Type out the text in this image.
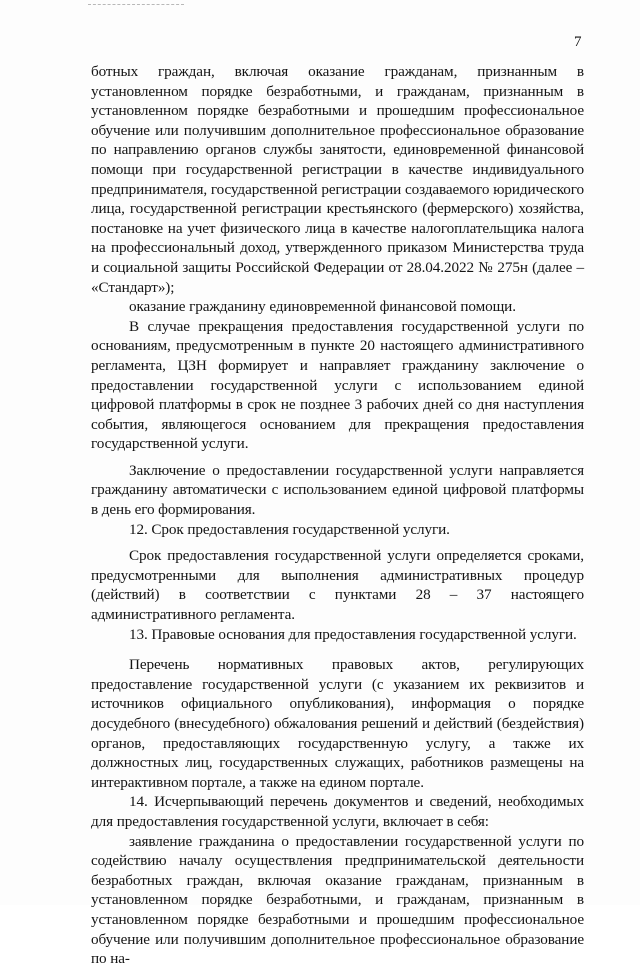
7

ботных граждан, включая оказание гражданам, признанным в установленном порядке безработными, и гражданам, признанным в установленном порядке безработными и прошедшим профессиональное обучение или получившим дополнительное профессиональное образование по направлению органов службы занятости, единовременной финансовой помощи при государственной регистрации в качестве индивидуального предпринимателя, государственной регистрации создаваемого юридического лица, государственной регистрации крестьянского (фермерского) хозяйства, постановке на учет физического лица в качестве налогоплательщика налога на профессиональный доход, утвержденного приказом Министерства труда и социальной защиты Российской Федерации от 28.04.2022 № 275н (далее – «Стандарт»);

оказание гражданину единовременной финансовой помощи.

В случае прекращения предоставления государственной услуги по основаниям, предусмотренным в пункте 20 настоящего административного регламента, ЦЗН формирует и направляет гражданину заключение о предоставлении государственной услуги с использованием единой цифровой платформы в срок не позднее 3 рабочих дней со дня наступления события, являющегося основанием для прекращения предоставления государственной услуги.

Заключение о предоставлении государственной услуги направляется гражданину автоматически с использованием единой цифровой платформы в день его формирования.

12. Срок предоставления государственной услуги.

Срок предоставления государственной услуги определяется сроками, предусмотренными для выполнения административных процедур (действий) в соответствии с пунктами 28 – 37 настоящего административного регламента.

13. Правовые основания для предоставления государственной услуги.

Перечень нормативных правовых актов, регулирующих предоставление государственной услуги (с указанием их реквизитов и источников официального опубликования), информация о порядке досудебного (внесудебного) обжалования решений и действий (бездействия) органов, предоставляющих государственную услугу, а также их должностных лиц, государственных служащих, работников размещены на интерактивном портале, а также на едином портале.

14. Исчерпывающий перечень документов и сведений, необходимых для предоставления государственной услуги, включает в себя:

заявление гражданина о предоставлении государственной услуги по содействию началу осуществления предпринимательской деятельности безработных граждан, включая оказание гражданам, признанным в установленном порядке безработными, и гражданам, признанным в установленном порядке безработными и прошедшим профессиональное обучение или получившим дополнительное профессиональное образование по на-
